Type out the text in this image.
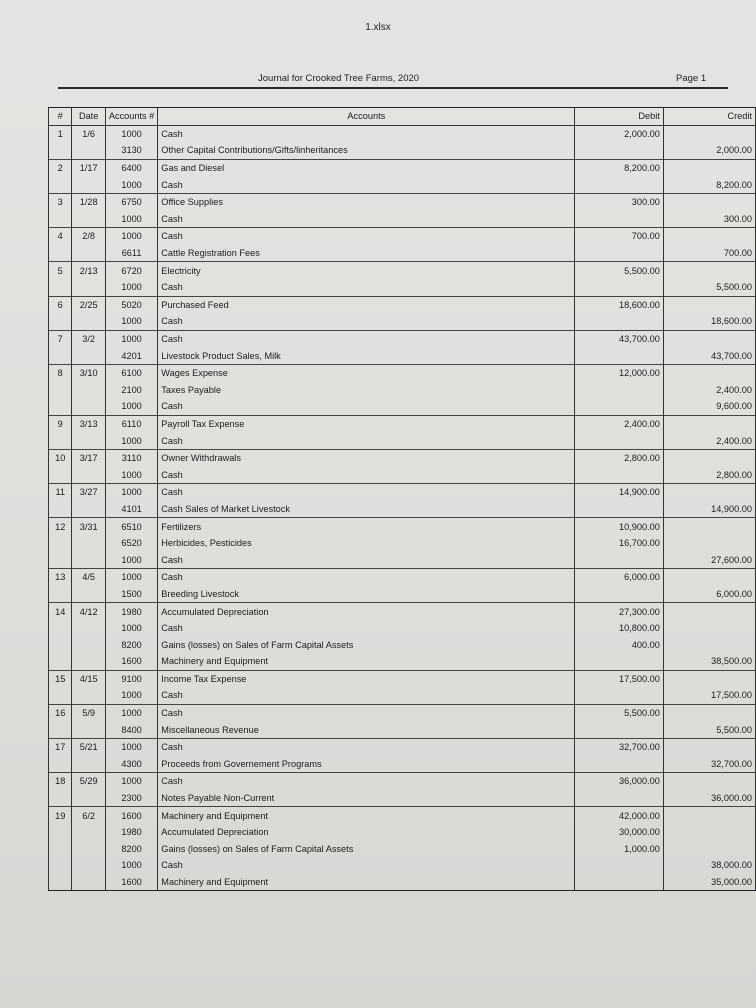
1.xlsx
Journal for Crooked Tree Farms, 2020	Page 1
#	Date	Accounts #	Accounts	Debit	Credit
1	1/6	1000	Cash	2,000.00	
		3130	Other Capital Contributions/Gifts/linheritances		2,000.00
2	1/17	6400	Gas and Diesel	8,200.00	
		1000	Cash		8,200.00
3	1/28	6750	Office Supplies	300.00	
		1000	Cash		300.00
4	2/8	1000	Cash	700.00	
		6611	Cattle Registration Fees		700.00
5	2/13	6720	Electricity	5,500.00	
		1000	Cash		5,500.00
6	2/25	5020	Purchased Feed	18,600.00	
		1000	Cash		18,600.00
7	3/2	1000	Cash	43,700.00	
		4201	Livestock Product Sales, Milk		43,700.00
8	3/10	6100	Wages Expense	12,000.00	
		2100	Taxes Payable		2,400.00
		1000	Cash		9,600.00
9	3/13	6110	Payroll Tax Expense	2,400.00	
		1000	Cash		2,400.00
10	3/17	3110	Owner Withdrawals	2,800.00	
		1000	Cash		2,800.00
11	3/27	1000	Cash	14,900.00	
		4101	Cash Sales of Market Livestock		14,900.00
12	3/31	6510	Fertilizers	10,900.00	
		6520	Herbicides, Pesticides	16,700.00	
		1000	Cash		27,600.00
13	4/5	1000	Cash	6,000.00	
		1500	Breeding Livestock		6,000.00
14	4/12	1980	Accumulated Depreciation	27,300.00	
		1000	Cash	10,800.00	
		8200	Gains (losses) on Sales of Farm Capital Assets	400.00	
		1600	Machinery and Equipment		38,500.00
15	4/15	9100	Income Tax Expense	17,500.00	
		1000	Cash		17,500.00
16	5/9	1000	Cash	5,500.00	
		8400	Miscellaneous Revenue		5,500.00
17	5/21	1000	Cash	32,700.00	
		4300	Proceeds from Governement Programs		32,700.00
18	5/29	1000	Cash	36,000.00	
		2300	Notes Payable Non-Current		36,000.00
19	6/2	1600	Machinery and Equipment	42,000.00	
		1980	Accumulated Depreciation	30,000.00	
		8200	Gains (losses) on Sales of Farm Capital Assets	1,000.00	
		1000	Cash		38,000.00
		1600	Machinery and Equipment		35,000.00
